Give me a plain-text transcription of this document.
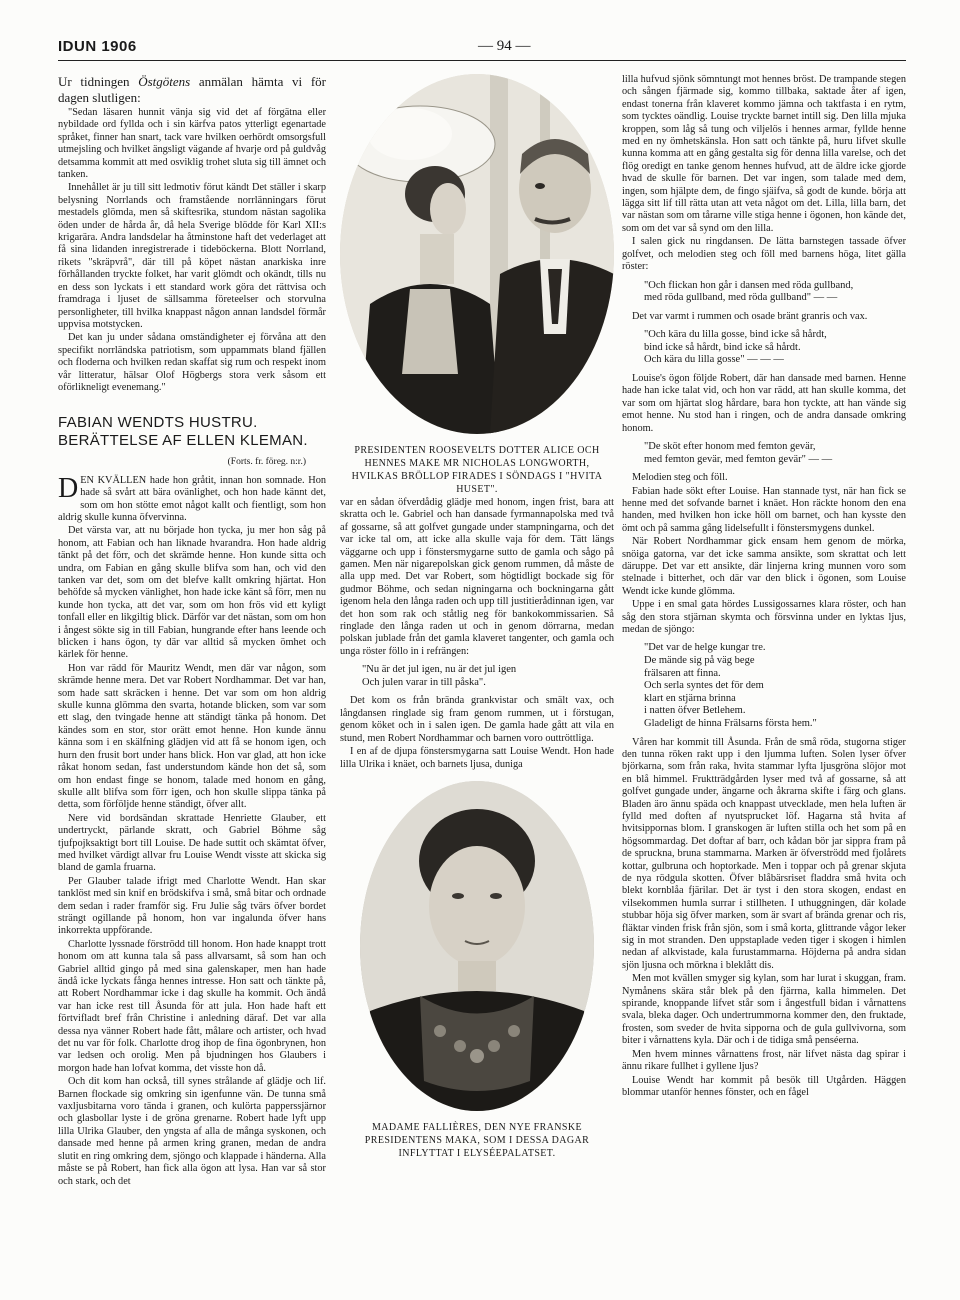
IDUN 1906	— 94 —

Ur tidningen Östgötens anmälan hämta vi för dagen slutligen:

"Sedan läsaren hunnit vänja sig vid det af förgätna eller nybildade ord fyllda och i sin kärfva patos ytterligt egenartade språket, finner han snart, tack vare hvilken oerhördt omsorgsfull utmejsling och hvilket ängsligt vägande af hvarje ord på guldvåg detsamma kommit att med osviklig trohet sluta sig till ämnet och tanken.

Innehållet är ju till sitt ledmotiv förut kändt Det ställer i skarp belysning Norrlands och framstående norrlänningars förut mestadels glömda, men så skiftesrika, stundom nästan sagolika öden under de hårda år, då hela Sverige blödde för Karl XII:s krigarära. Andra landsdelar ha åtminstone haft det vederlaget att få sina lidanden inregistrerade i tideböckerna. Blott Norrland, rikets "skräpvrå", där till på köpet nästan anarkiska inre förhållanden tryckte folket, har varit glömdt och okändt, tills nu en dess son lyckats i ett standard work göra det rättvisa och framdraga i ljuset de sällsamma företeelser och storvulna personligheter, till hvilka knappast någon annan landsdel förmår uppvisa motstycken.

Det kan ju under sådana omständigheter ej förvåna att den specifikt norrländska patriotism, som uppammats bland fjällen och floderna och hvilken redan skaffat sig rum och respekt inom vår litteratur, hälsar Olof Högbergs stora verk såsom ett oförlikneligt evenemang."

FABIAN WENDTS HUSTRU. BERÄTTELSE AF ELLEN KLEMAN.
(Forts. fr. föreg. n:r.)

DEN KVÄLLEN hade hon gråtit, innan hon somnade. Hon hade så svårt att bära ovänlighet, och hon hade kännt det, som om hon stötte emot något kallt och fientligt, som hon aldrig skulle kunna öfvervinna.

Det värsta var, att nu började hon tycka, ju mer hon såg på honom, att Fabian och han liknade hvarandra. Hon hade aldrig tänkt på det förr, och det skrämde henne. Hon kunde sitta och undra, om Fabian en gång skulle blifva som han, och vid den tanken var det, som om det blefve kallt omkring hjärtat. Hon behöfde så mycken vänlighet, hon hade icke känt så förr, men nu kunde hon tycka, att det var, som om hon frös vid ett kyligt tonfall eller en likgiltig blick. Därför var det nästan, som om hon i ångest sökte sig in till Fabian, hungrande efter hans leende och blicken i hans ögon, ty där var alltid så mycken ömhet och kärlek för henne.

Hon var rädd för Mauritz Wendt, men där var någon, som skrämde henne mera. Det var Robert Nordhammar. Det var han, som hade satt skräcken i henne. Det var som om hon aldrig skulle kunna glömma den svarta, hotande blicken, som var som ett slag, den tvingade henne att ständigt tänka på honom. Det kändes som en stor, stor orätt emot henne. Hon kunde ännu känna som i en skälfning glädjen vid att få se honom igen, och hurn den frusit bort under hans blick. Hon var glad, att hon icke råkat honom sedan, fast understundom kände hon det så, som om hon endast finge se honom, talade med honom en gång, skulle allt blifva som förr igen, och hon skulle slippa tänka på detta, som förföljde henne ständigt, öfver allt.

Nere vid bordsändan skrattade Henriette Glauber, ett undertryckt, pärlande skratt, och Gabriel Böhme såg tjufpojksaktigt bort till Louise. De hade suttit och skämtat öfver, med hvilket värdigt allvar fru Louise Wendt visste att skicka sig bland de gamla fruarna.

Per Glauber talade ifrigt med Charlotte Wendt. Han skar tanklöst med sin knif en brödskifva i små, små bitar och ordnade dem sedan i rader framför sig. Fru Julie såg tvärs öfver bordet strängt ogillande på honom, hon var ingalunda öfver hans inkorrekta uppförande.

Charlotte lyssnade förströdd till honom. Hon hade knappt trott honom om att kunna tala så pass allvarsamt, så som han och Gabriel alltid gingo på med sina galenskaper, men han hade ändå icke lyckats fånga hennes intresse. Hon satt och tänkte på, att Robert Nordhammar icke i dag skulle ha kommit. Och ändå var han icke rest till Åsunda för att jula. Hon hade haft ett förtvifladt bref från Christine i anledning däraf. Det var alla dessa nya vänner Robert hade fått, målare och artister, och hvad det nu var för folk. Charlotte drog ihop de fina ögonbrynen, hon var ledsen och orolig. Men på bjudningen hos Glaubers i morgon hade han lofvat komma, det visste hon då.

Och dit kom han också, till synes strålande af glädje och lif. Barnen flockade sig omkring sin igenfunne vän. De tunna små vaxljusbitarna voro tända i granen, och kulörta papperssjärnor och glasbollar lyste i de gröna grenarne. Robert hade lyft upp lilla Ulrika Glauber, den yngsta af alla de många syskonen, och dansade med henne på armen kring granen, medan de andra slutit en ring omkring dem, sjöngo och klappade i händerna. Alla måste se på Robert, han fick alla ögon att lysa. Han var så stor och stark, och det

PRESIDENTEN ROOSEVELTS DOTTER ALICE OCH HENNES MAKE MR NICHOLAS LONGWORTH, HVILKAS BRÖLLOP FIRADES I SÖNDAGS I "HVITA HUSET".

var en sådan öfverdådig glädje med honom, ingen frist, bara att skratta och le. Gabriel och han dansade fyrmannapolska med två af gossarne, så att golfvet gungade under stampningarna, och det var icke tal om, att icke alla skulle vaja för dem. Tätt längs väggarne och upp i fönstersmygarne sutto de gamla och sågo på gamen. Men när nigarepolskan gick genom rummen, då måste de alla upp med. Det var Robert, som högtidligt bockade sig för gudmor Böhme, och sedan nigningarna och bockningarna gått igenom hela den långa raden och upp till justitierådinnan igen, var det hon som rak och ståtlig neg för bankokommissarien. Så ringlade den långa raden ut och in genom dörrarna, medan polskan jublade från det gamla klaveret tangenter, och gamla och unga röster föllo in i refrängen:

"Nu är det jul igen, nu är det jul igen
Och julen varar in till påska".

Det kom os från brända grankvistar och smält vax, och långdansen ringlade sig fram genom rummen, ut i förstugan, genom köket och in i salen igen. De gamla hade gått att vila en stund, men Robert Nordhammar och barnen voro outtröttliga.

I en af de djupa fönstersmygarna satt Louise Wendt. Hon hade lilla Ulrika i knäet, och barnets ljusa, duniga

MADAME FALLIÈRES, DEN NYE FRANSKE PRESIDENTENS MAKA, SOM I DESSA DAGAR INFLYTTAT I ELYSÉEPALATSET.

lilla hufvud sjönk sömntungt mot hennes bröst. De trampande stegen och sången fjärmade sig, kommo tillbaka, saktade åter af igen, endast tonerna från klaveret kommo jämna och taktfasta i en rytm, som tycktes oändlig. Louise tryckte barnet intill sig. Den lilla mjuka kroppen, som låg så tung och viljelös i hennes armar, fyllde henne med en ny ömhetskänsla. Hon satt och tänkte på, huru lifvet skulle kunna komma att en gång gestalta sig för denna lilla varelse, och det flög oredigt en tanke genom hennes hufvud, att de äldre icke gjorde hvad de skulle för barnen. Det var ingen, som talade med dem, ingen, som hjälpte dem, de fingo sjäifva, så godt de kunde. börja att lägga sitt lif till rätta utan att veta något om det. Lilla, lilla barn, det var nästan som om tårarne ville stiga henne i ögonen, hon kände det, som om det var så synd om den lilla.

I salen gick nu ringdansen. De lätta barnstegen tassade öfver golfvet, och melodien steg och föll med barnens höga, litet gälla röster:

"Och flickan hon går i dansen med röda gullband,
med röda gullband, med röda gullband" — —

Det var varmt i rummen och osade bränt granris och vax.

"Och kära du lilla gosse, bind icke så hårdt,
bind icke så hårdt, bind icke så hårdt.
Och kära du lilla gosse" — — —

Louise's ögon följde Robert, där han dansade med barnen. Henne hade han icke talat vid, och hon var rädd, att han skulle komma, det var som om hjärtat slog hårdare, bara hon tyckte, att han vände sig emot henne. Nu stod han i ringen, och de andra dansade omkring honom.

"De sköt efter honom med femton gevär,
med femton gevär, med femton gevär" — —

Melodien steg och föll.

Fabian hade sökt efter Louise. Han stannade tyst, när han fick se henne med det sofvande barnet i knäet. Hon räckte honom den ena handen, med hvilken hon icke höll om barnet, och han kysste den ömt och på samma gång lidelsefullt i fönstersmygens dunkel.

När Robert Nordhammar gick ensam hem genom de mörka, snöiga gatorna, var det icke samma ansikte, som skrattat och lett däruppe. Det var ett ansikte, där linjerna kring munnen voro som stelnade i bitterhet, och där var den blick i ögonen, som Louise Wendt icke kunde glömma.

Uppe i en smal gata hördes Lussigossarnes klara röster, och han såg den stora stjärnan skymta och försvinna under en lyktas ljus, medan de sjöngo:

"Det var de helge kungar tre.
De mände sig på väg bege
frälsaren att finna.
Och serla syntes det för dem
klart en stjärna brinna
i natten öfver Betlehem.
Gladeligt de hinna Frälsarns första hem."

Våren har kommit till Åsunda. Från de små röda, stugorna stiger den tunna röken rakt upp i den ljumma luften. Solen lyser öfver björkarna, som från raka, hvita stammar lyfta ljusgröna slöjor mot en blå himmel. Fruktträdgården lyser med två af gossarne, så att golfvet gungade under, ängarne och åkrarna skifte i färg och glans. Bladen äro ännu späda och knappast utvecklade, men hela luften är fylld med doften af nyutsprucket löf. Hagarna stå hvita af hvitsippornas blom. I granskogen är luften stilla och het som på en högsommardag. Det doftar af barr, och kådan bör jar sippra fram på de spruckna, bruna stammarna. Marken är öfverströdd med fjolårets kottar, gulbruna och hoptorkade. Men i toppar och på grenar skjuta de nya rödgula skotten. Öfver blåbärsriset fladdra små hvita och blekt kornblåa fjärilar. Det är tyst i den stora skogen, endast en vilsekommen humla surrar i stillheten. I uthuggningen, där kolade stubbar höja sig öfver marken, som är svart af brända grenar och ris, fläktar vinden frisk från sjön, som i små korta, glittrande vågor leker sig in mot stranden. Den uppstaplade veden tiger i skogen i himlen nedan af alkvistade, kala furustammarna. Höjderna på andra sidan sjön ljusna och mörkna i bleklått dis.

Men mot kvällen smyger sig kylan, som har lurat i skuggan, fram. Nymånens skära står blek på den fjärrna, kalla himmelen. Det spirande, knoppande lifvet står som i ångestfull bidan i vårnattens svala, bleka dager. Och undertrummorna kommer den, den fruktade, frosten, som sveder de hvita sipporna och de gula gullvivorna, som biter i vårnattens kyla. Där och i de tidiga små penséerna.

Men hvem minnes vårnattens frost, när lifvet nästa dag spirar i ännu rikare fullhet i gyllene ljus?

Louise Wendt har kommit på besök till Utgården. Häggen blommar utanför hennes fönster, och en fågel
